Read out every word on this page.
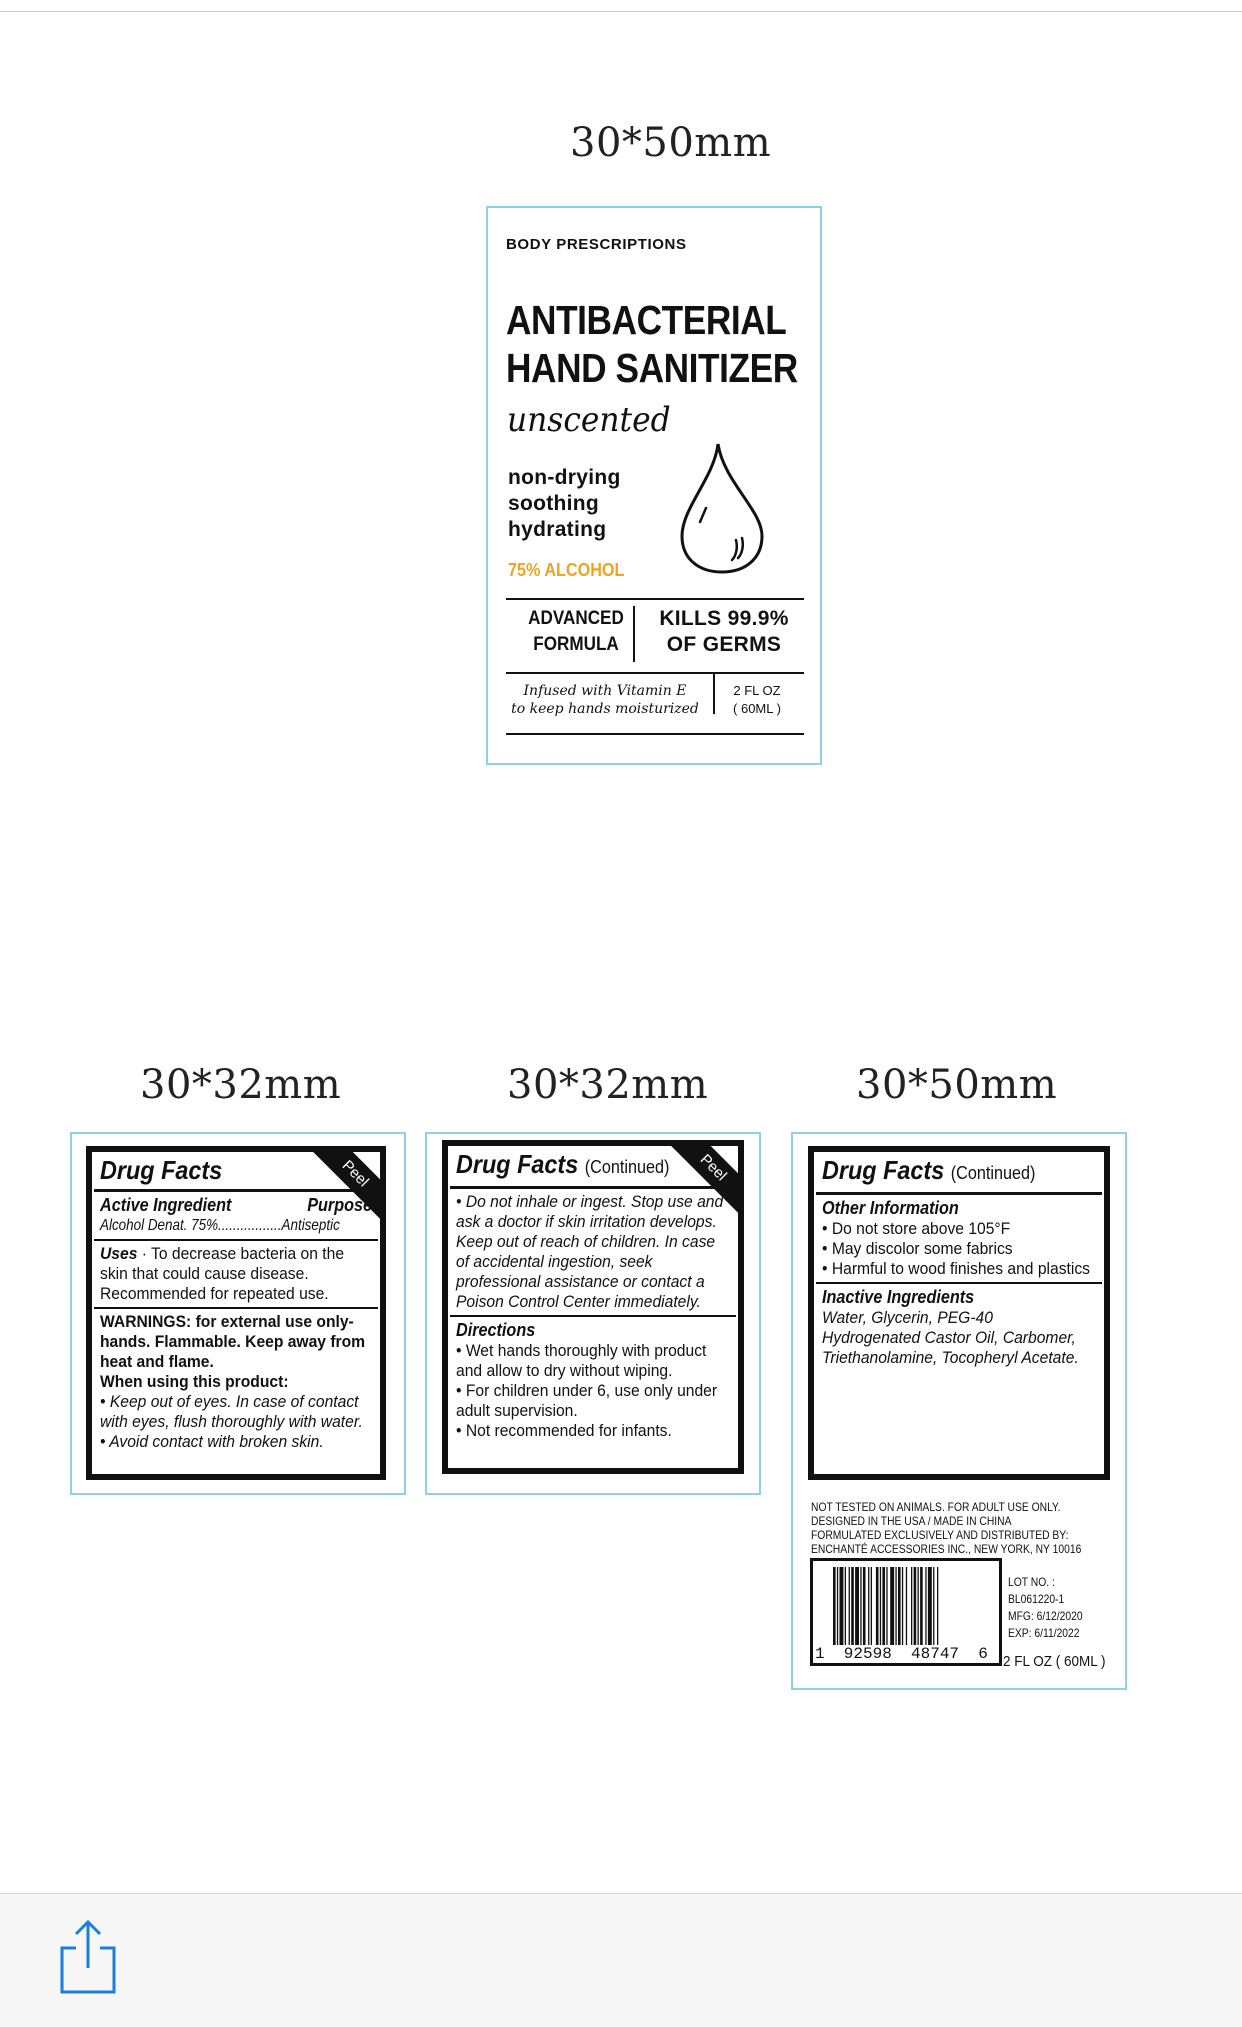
30*50mm
30*32mm	30*32mm	30*50mm
BODY PRESCRIPTIONS
ANTIBACTERIAL
HAND SANITIZER
unscented
non-drying
soothing
hydrating
75% ALCOHOL
ADVANCED
FORMULA
KILLS 99.9%
OF GERMS
Infused with Vitamin E
to keep hands moisturized
2 FL OZ
( 60ML )
Drug Facts	Peel
Active Ingredient	Purpose
Alcohol Denat. 75%.................Antiseptic
Uses · To decrease bacteria on the skin that could cause disease. Recommended for repeated use.
WARNINGS: for external use only-hands. Flammable. Keep away from heat and flame.
When using this product:
• Keep out of eyes. In case of contact with eyes, flush thoroughly with water.
• Avoid contact with broken skin.
Drug Facts (Continued)	Peel
• Do not inhale or ingest. Stop use and ask a doctor if skin irritation develops. Keep out of reach of children. In case of accidental ingestion, seek professional assistance or contact a Poison Control Center immediately.
Directions
• Wet hands thoroughly with product and allow to dry without wiping.
• For children under 6, use only under adult supervision.
• Not recommended for infants.
Drug Facts (Continued)
Other Information
• Do not store above 105°F
• May discolor some fabrics
• Harmful to wood finishes and plastics
Inactive Ingredients
Water, Glycerin, PEG-40 Hydrogenated Castor Oil, Carbomer, Triethanolamine, Tocopheryl Acetate.
NOT TESTED ON ANIMALS. FOR ADULT USE ONLY.
DESIGNED IN THE USA / MADE IN CHINA
FORMULATED EXCLUSIVELY AND DISTRIBUTED BY:
ENCHANTÉ ACCESSORIES INC., NEW YORK, NY 10016
1  92598  48747  6
LOT NO. :
BL061220-1
MFG: 6/12/2020
EXP: 6/11/2022
2 FL OZ ( 60ML )
